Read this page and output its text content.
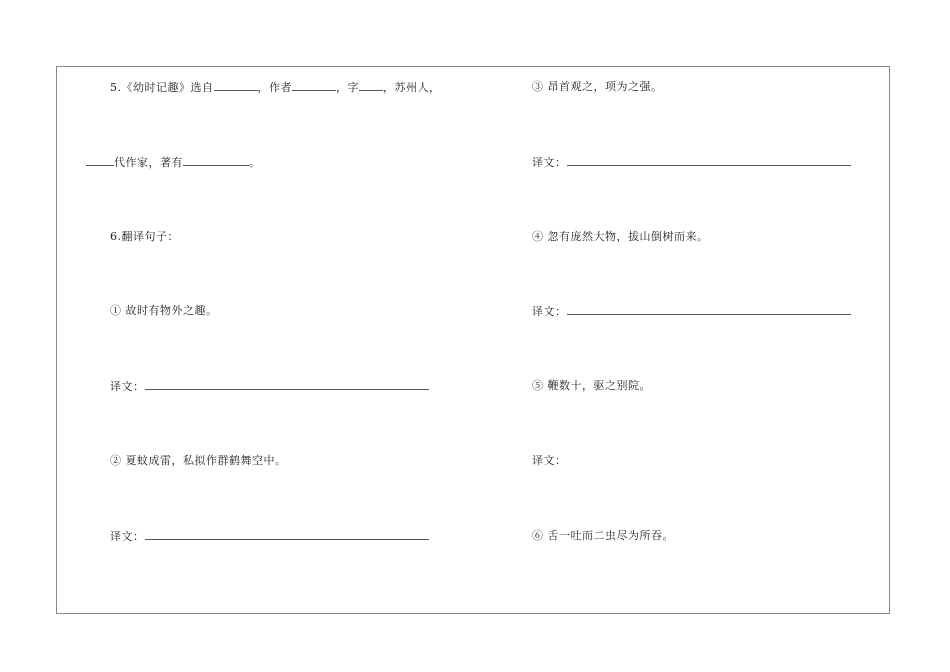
5.《幼时记趣》选自	，作者	，字 ，苏州人，
代作家，著有	。
6.翻译句子：
① 故时有物外之趣。
译文：
② 夏蚊成雷，私拟作群鹤舞空中。
译文：
③ 昂首观之，项为之强。
译文：
④ 忽有庞然大物，拔山倒树而来。
译文：
⑤ 鞭数十，驱之别院。
译文：
⑥ 舌一吐而二虫尽为所吞。
